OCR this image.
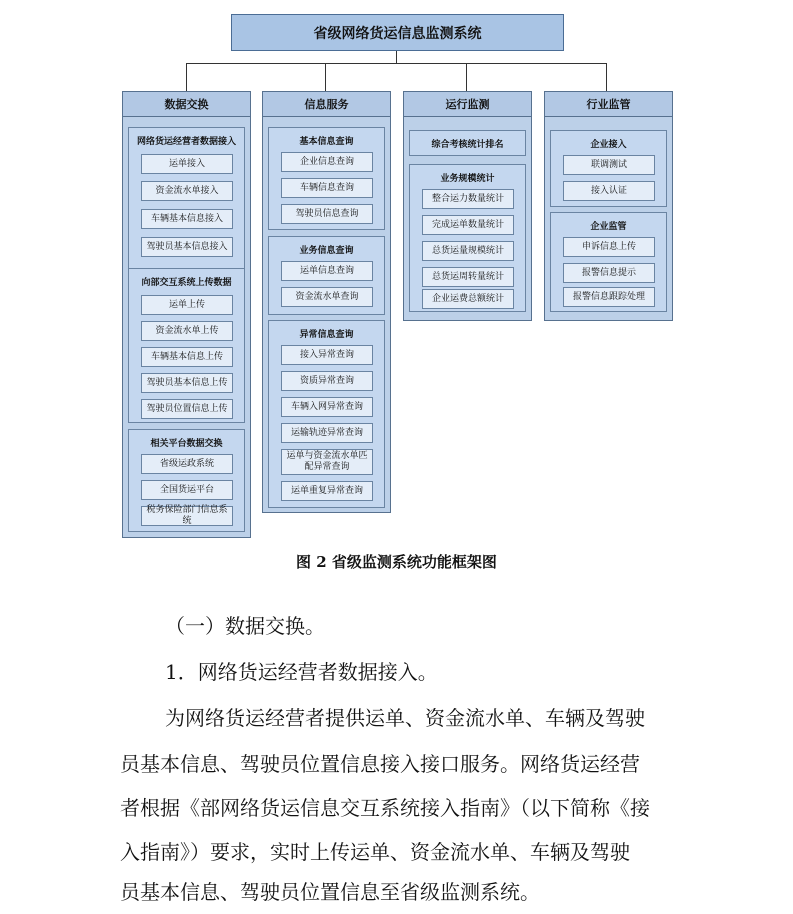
省级网络货运信息监测系统
数据交换
网络货运经营者数据接入
运单接入
资金流水单接入
车辆基本信息接入
驾驶员基本信息接入
向部交互系统上传数据
运单上传
资金流水单上传
车辆基本信息上传
驾驶员基本信息上传
驾驶员位置信息上传
相关平台数据交换
省级运政系统
全国货运平台
税务保险部门信息系统
信息服务
基本信息查询
企业信息查询
车辆信息查询
驾驶员信息查询
业务信息查询
运单信息查询
资金流水单查询
异常信息查询
接入异常查询
资质异常查询
车辆入网异常查询
运输轨迹异常查询
运单与资金流水单匹配异常查询
运单重复异常查询
运行监测
综合考核统计排名
业务规模统计
整合运力数量统计
完成运单数量统计
总货运量规模统计
总货运周转量统计
企业运费总额统计
行业监管
企业接入
联调测试
接入认证
企业监管
申诉信息上传
报警信息提示
报警信息跟踪处理
图 2 省级监测系统功能框架图
（一）数据交换。
1．网络货运经营者数据接入。
为网络货运经营者提供运单、资金流水单、车辆及驾驶
员基本信息、驾驶员位置信息接入接口服务。网络货运经营
者根据《部网络货运信息交互系统接入指南》（以下简称《接
入指南》）要求，实时上传运单、资金流水单、车辆及驾驶
员基本信息、驾驶员位置信息至省级监测系统。
